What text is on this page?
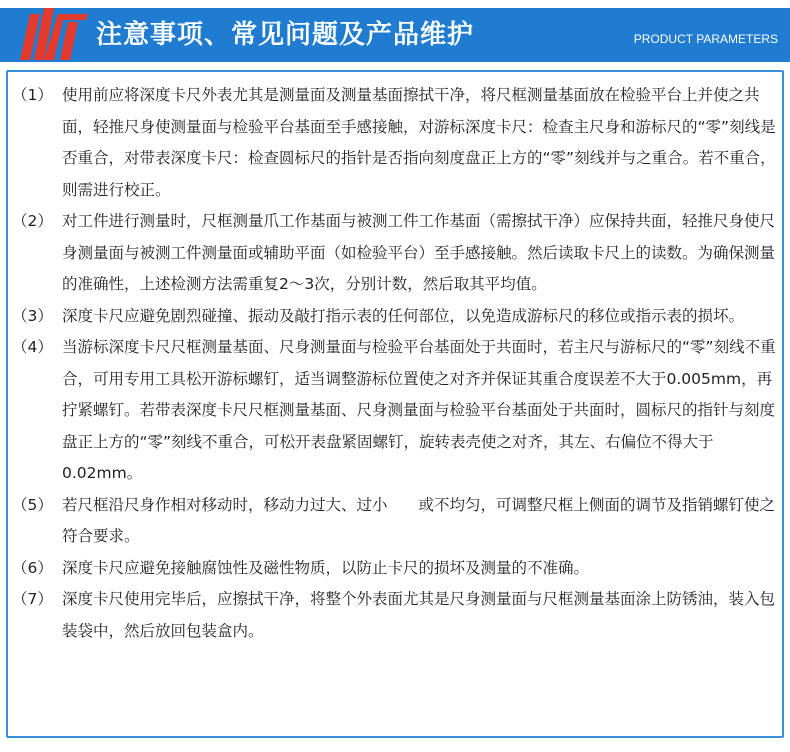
注意事项、常见问题及产品维护	PRODUCT PARAMETERS
（1） 使用前应将深度卡尺外表尤其是测量面及测量基面擦拭干净，将尺框测量基面放在检验平台上并使之共面，轻推尺身使测量面与检验平台基面至手感接触，对游标深度卡尺：检查主尺身和游标尺的“零”刻线是否重合，对带表深度卡尺：检查圆标尺的指针是否指向刻度盘正上方的“零”刻线并与之重合。若不重合，则需进行校正。
（2） 对工件进行测量时，尺框测量爪工作基面与被测工件工作基面（需擦拭干净）应保持共面，轻推尺身使尺身测量面与被测工件测量面或辅助平面（如检验平台）至手感接触。然后读取卡尺上的读数。为确保测量的准确性，上述检测方法需重复2～3次，分别计数，然后取其平均值。
（3） 深度卡尺应避免剧烈碰撞、振动及敲打指示表的任何部位，以免造成游标尺的移位或指示表的损坏。
（4） 当游标深度卡尺尺框测量基面、尺身测量面与检验平台基面处于共面时，若主尺与游标尺的“零”刻线不重合，可用专用工具松开游标螺钉，适当调整游标位置使之对齐并保证其重合度误差不大于0.005mm，再拧紧螺钉。若带表深度卡尺尺框测量基面、尺身测量面与检验平台基面处于共面时，圆标尺的指针与刻度盘正上方的“零”刻线不重合，可松开表盘紧固螺钉，旋转表壳使之对齐，其左、右偏位不得大于0.02mm。
（5） 若尺框沿尺身作相对移动时，移动力过大、过小　　或不均匀，可调整尺框上侧面的调节及指销螺钉使之符合要求。
（6） 深度卡尺应避免接触腐蚀性及磁性物质，以防止卡尺的损坏及测量的不准确。
（7） 深度卡尺使用完毕后，应擦拭干净，将整个外表面尤其是尺身测量面与尺框测量基面涂上防锈油，装入包装袋中，然后放回包装盒内。
